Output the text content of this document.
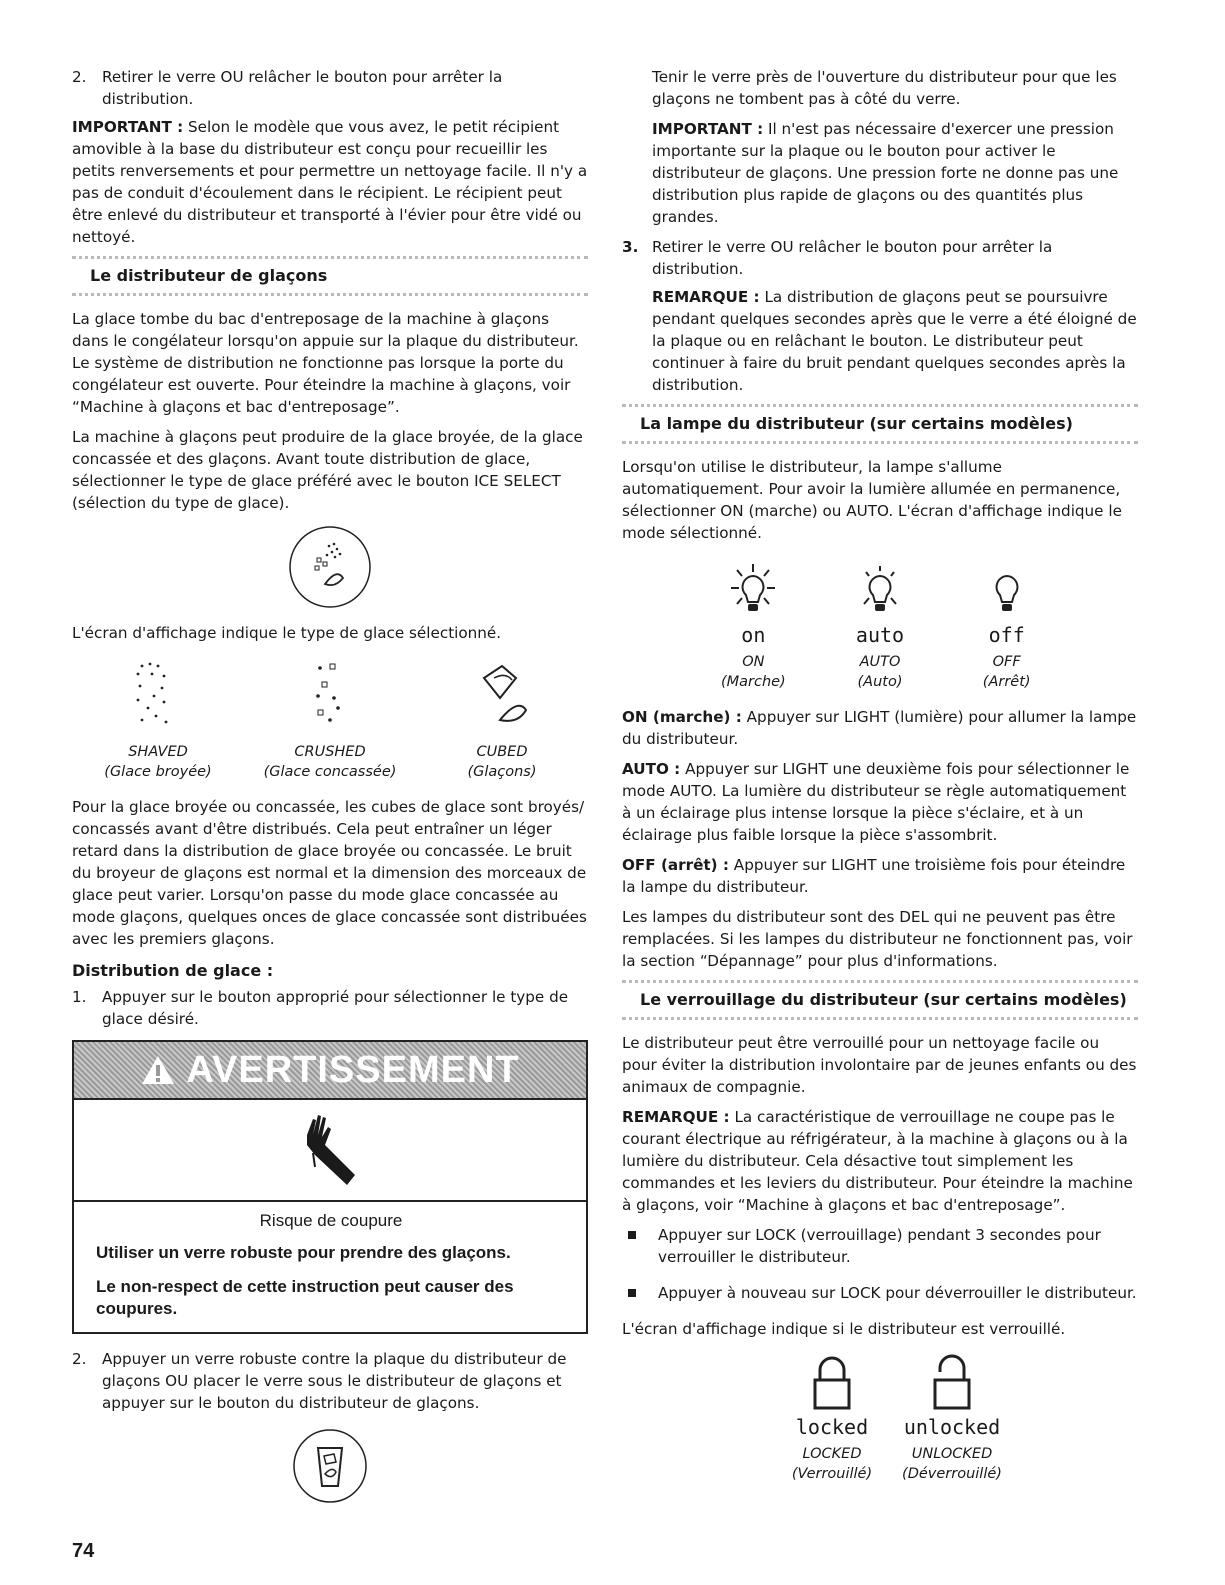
2.	Retirer le verre OU relâcher le bouton pour arrêter la distribution.

IMPORTANT : Selon le modèle que vous avez, le petit récipient amovible à la base du distributeur est conçu pour recueillir les petits renversements et pour permettre un nettoyage facile. Il n'y a pas de conduit d'écoulement dans le récipient. Le récipient peut être enlevé du distributeur et transporté à l'évier pour être vidé ou nettoyé.

Le distributeur de glaçons

La glace tombe du bac d'entreposage de la machine à glaçons dans le congélateur lorsqu'on appuie sur la plaque du distributeur. Le système de distribution ne fonctionne pas lorsque la porte du congélateur est ouverte. Pour éteindre la machine à glaçons, voir “Machine à glaçons et bac d'entreposage”.

La machine à glaçons peut produire de la glace broyée, de la glace concassée et des glaçons. Avant toute distribution de glace, sélectionner le type de glace préféré avec le bouton ICE SELECT (sélection du type de glace).

L'écran d'affichage indique le type de glace sélectionné.

SHAVED
(Glace broyée)
CRUSHED
(Glace concassée)
CUBED
(Glaçons)

Pour la glace broyée ou concassée, les cubes de glace sont broyés/ concassés avant d'être distribués. Cela peut entraîner un léger retard dans la distribution de glace broyée ou concassée. Le bruit du broyeur de glaçons est normal et la dimension des morceaux de glace peut varier. Lorsqu'on passe du mode glace concassée au mode glaçons, quelques onces de glace concassée sont distribuées avec les premiers glaçons.

Distribution de glace :
1.	Appuyer sur le bouton approprié pour sélectionner le type de glace désiré.
AVERTISSEMENT
Risque de coupure
Utiliser un verre robuste pour prendre des glaçons.
Le non-respect de cette instruction peut causer des coupures.
2.	Appuyer un verre robuste contre la plaque du distributeur de glaçons OU placer le verre sous le distributeur de glaçons et appuyer sur le bouton du distributeur de glaçons.

Tenir le verre près de l'ouverture du distributeur pour que les glaçons ne tombent pas à côté du verre.

IMPORTANT : Il n'est pas nécessaire d'exercer une pression importante sur la plaque ou le bouton pour activer le distributeur de glaçons. Une pression forte ne donne pas une distribution plus rapide de glaçons ou des quantités plus grandes.

3. Retirer le verre OU relâcher le bouton pour arrêter la distribution.

REMARQUE : La distribution de glaçons peut se poursuivre pendant quelques secondes après que le verre a été éloigné de la plaque ou en relâchant le bouton. Le distributeur peut continuer à faire du bruit pendant quelques secondes après la distribution.

La lampe du distributeur (sur certains modèles)

Lorsqu'on utilise le distributeur, la lampe s'allume automatiquement. Pour avoir la lumière allumée en permanence, sélectionner ON (marche) ou AUTO. L'écran d'affichage indique le mode sélectionné.

on	auto	off
ON
(Marche)
AUTO
(Auto)
OFF
(Arrêt)

ON (marche) : Appuyer sur LIGHT (lumière) pour allumer la lampe du distributeur.

AUTO : Appuyer sur LIGHT une deuxième fois pour sélectionner le mode AUTO. La lumière du distributeur se règle automatiquement à un éclairage plus intense lorsque la pièce s'éclaire, et à un éclairage plus faible lorsque la pièce s'assombrit.

OFF (arrêt) : Appuyer sur LIGHT une troisième fois pour éteindre la lampe du distributeur.

Les lampes du distributeur sont des DEL qui ne peuvent pas être remplacées. Si les lampes du distributeur ne fonctionnent pas, voir la section “Dépannage” pour plus d'informations.

Le verrouillage du distributeur (sur certains modèles)

Le distributeur peut être verrouillé pour un nettoyage facile ou pour éviter la distribution involontaire par de jeunes enfants ou des animaux de compagnie.

REMARQUE : La caractéristique de verrouillage ne coupe pas le courant électrique au réfrigérateur, à la machine à glaçons ou à la lumière du distributeur. Cela désactive tout simplement les commandes et les leviers du distributeur. Pour éteindre la machine à glaçons, voir “Machine à glaçons et bac d'entreposage”.

Appuyer sur LOCK (verrouillage) pendant 3 secondes pour verrouiller le distributeur.
Appuyer à nouveau sur LOCK pour déverrouiller le distributeur.

L'écran d'affichage indique si le distributeur est verrouillé.

locked unlocked
LOCKED
(Verrouillé)
UNLOCKED
(Déverrouillé)
74
